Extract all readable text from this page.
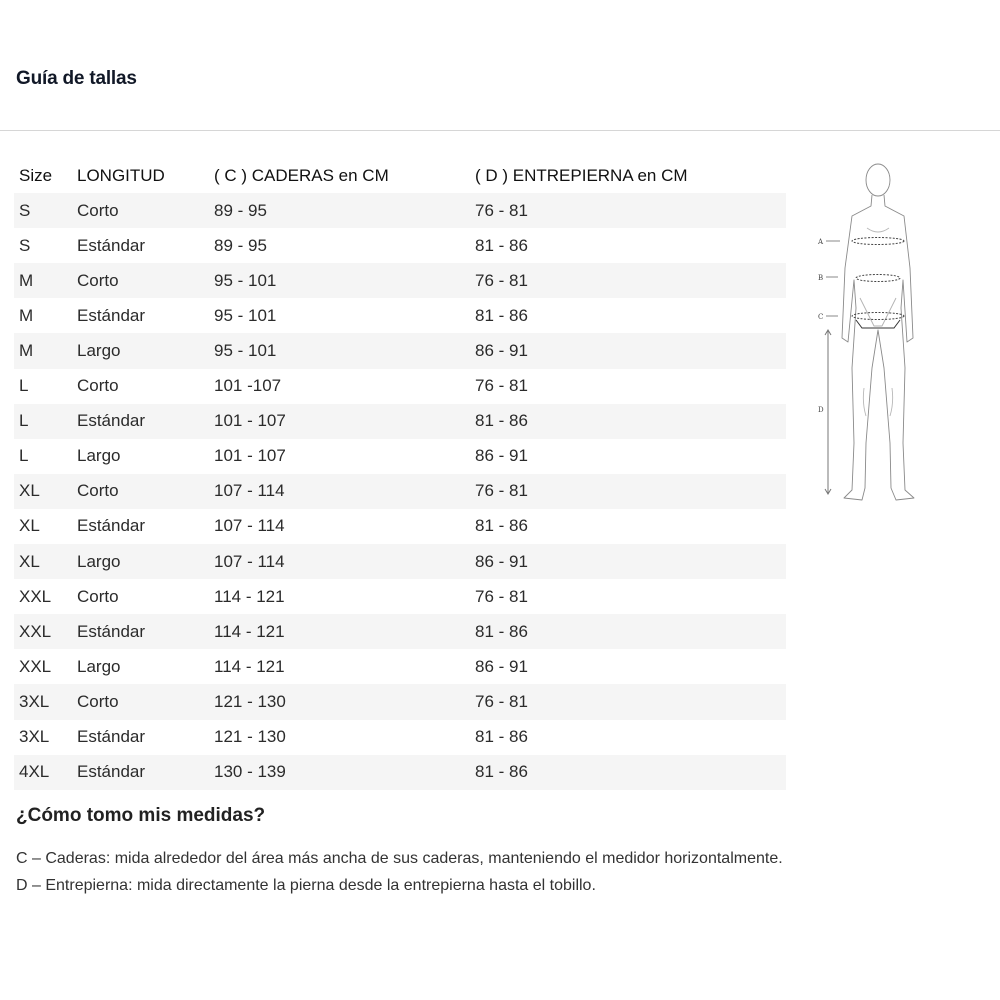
Guía de tallas
Size	LONGITUD	( C ) CADERAS en CM	( D ) ENTREPIERNA en CM
S	Corto	89 - 95	76 - 81
S	Estándar	89 - 95	81 - 86
M	Corto	95 - 101	76 - 81
M	Estándar	95 - 101	81 - 86
M	Largo	95 - 101	86 - 91
L	Corto	101 -107	76 - 81
L	Estándar	101 - 107	81 - 86
L	Largo	101 - 107	86 - 91
XL	Corto	107 - 114	76 - 81
XL	Estándar	107 - 114	81 - 86
XL	Largo	107 - 114	86 - 91
XXL	Corto	114 - 121	76 - 81
XXL	Estándar	114 - 121	81 - 86
XXL	Largo	114 - 121	86 - 91
3XL	Corto	121 - 130	76 - 81
3XL	Estándar	121 - 130	81 - 86
4XL	Estándar	130 - 139	81 - 86
A
B
C
D
¿Cómo tomo mis medidas?

C – Caderas: mida alrededor del área más ancha de sus caderas, manteniendo el medidor horizontalmente.

D – Entrepierna: mida directamente la pierna desde la entrepierna hasta el tobillo.
